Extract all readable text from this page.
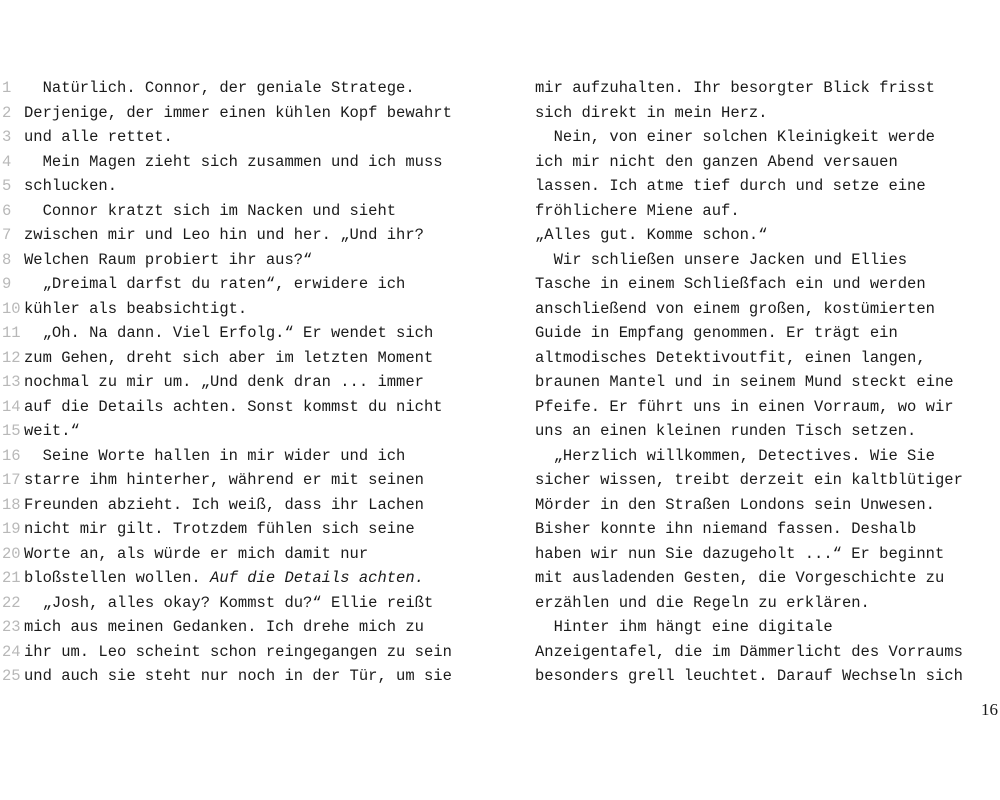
1 Natürlich. Connor, der geniale Stratege.
2 Derjenige, der immer einen kühlen Kopf bewahrt
3 und alle rettet.
4 Mein Magen zieht sich zusammen und ich muss
5 schlucken.
6 Connor kratzt sich im Nacken und sieht
7 zwischen mir und Leo hin und her. „Und ihr?
8 Welchen Raum probiert ihr aus?“
9 „Dreimal darfst du raten“, erwidere ich
10 kühler als beabsichtigt.
11 „Oh. Na dann. Viel Erfolg.“ Er wendet sich
12 zum Gehen, dreht sich aber im letzten Moment
13 nochmal zu mir um. „Und denk dran ... immer
14 auf die Details achten. Sonst kommst du nicht
15 weit.“
16 Seine Worte hallen in mir wider und ich
17 starre ihm hinterher, während er mit seinen
18 Freunden abzieht. Ich weiß, dass ihr Lachen
19 nicht mir gilt. Trotzdem fühlen sich seine
20 Worte an, als würde er mich damit nur
21 bloßstellen wollen. Auf die Details achten.
22 „Josh, alles okay? Kommst du?“ Ellie reißt
23 mich aus meinen Gedanken. Ich drehe mich zu
24 ihr um. Leo scheint schon reingegangen zu sein
25 und auch sie steht nur noch in der Tür, um sie
mir aufzuhalten. Ihr besorgter Blick frisst
sich direkt in mein Herz.
Nein, von einer solchen Kleinigkeit werde
ich mir nicht den ganzen Abend versauen
lassen. Ich atme tief durch und setze eine
fröhlichere Miene auf.
„Alles gut. Komme schon.“
Wir schließen unsere Jacken und Ellies
Tasche in einem Schließfach ein und werden
anschließend von einem großen, kostümierten
Guide in Empfang genommen. Er trägt ein
altmodisches Detektivoutfit, einen langen,
braunen Mantel und in seinem Mund steckt eine
Pfeife. Er führt uns in einen Vorraum, wo wir
uns an einen kleinen runden Tisch setzen.
„Herzlich willkommen, Detectives. Wie Sie
sicher wissen, treibt derzeit ein kaltblütiger
Mörder in den Straßen Londons sein Unwesen.
Bisher konnte ihn niemand fassen. Deshalb
haben wir nun Sie dazugeholt ...“ Er beginnt
mit ausladenden Gesten, die Vorgeschichte zu
erzählen und die Regeln zu erklären.
Hinter ihm hängt eine digitale
Anzeigentafel, die im Dämmerlicht des Vorraums
besonders grell leuchtet. Darauf Wechseln sich
16
